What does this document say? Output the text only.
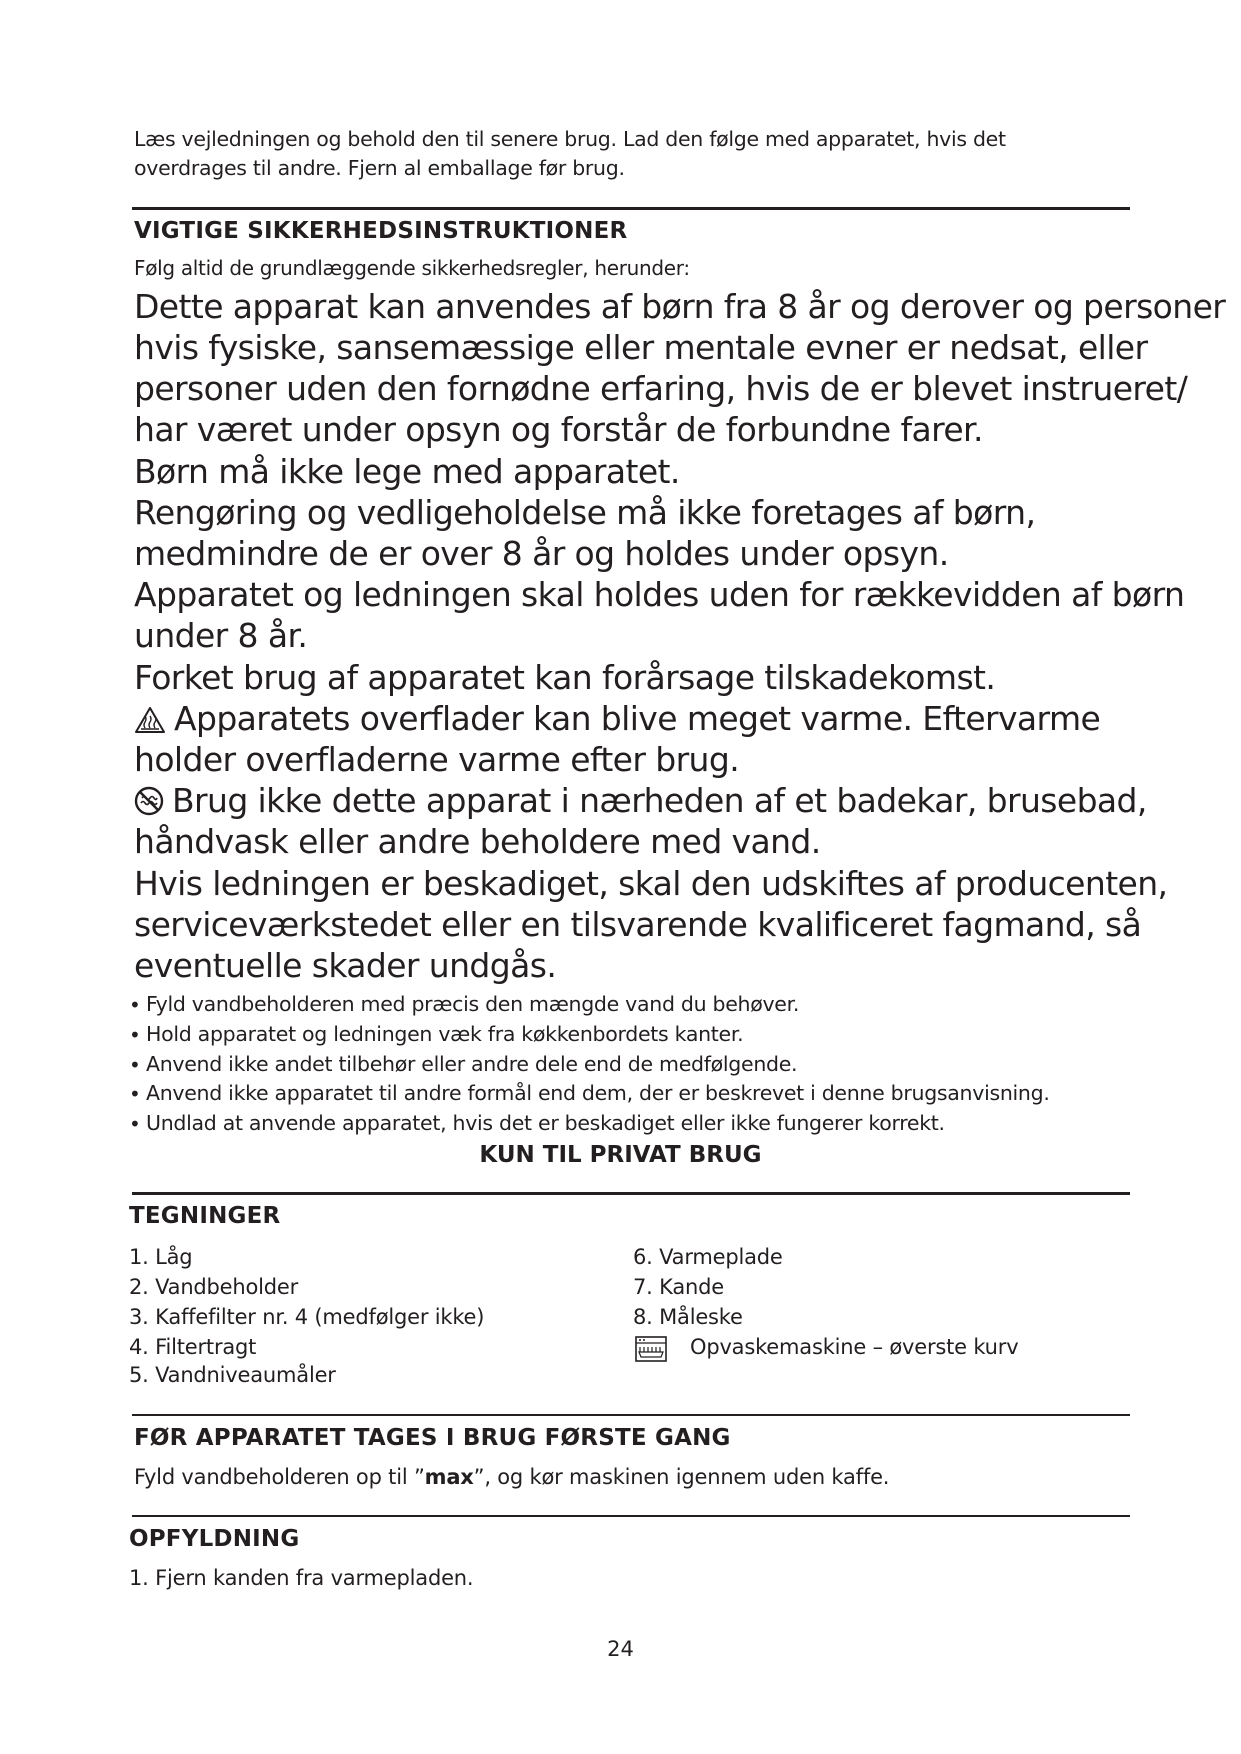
Læs vejledningen og behold den til senere brug. Lad den følge med apparatet, hvis det
overdrages til andre. Fjern al emballage før brug.
VIGTIGE SIKKERHEDSINSTRUKTIONER
Følg altid de grundlæggende sikkerhedsregler, herunder:
Dette apparat kan anvendes af børn fra 8 år og derover og personer
hvis fysiske, sansemæssige eller mentale evner er nedsat, eller
personer uden den fornødne erfaring, hvis de er blevet instrueret/
har været under opsyn og forstår de forbundne farer.
Børn må ikke lege med apparatet.
Rengøring og vedligeholdelse må ikke foretages af børn,
medmindre de er over 8 år og holdes under opsyn.
Apparatet og ledningen skal holdes uden for rækkevidden af børn
under 8 år.
Forket brug af apparatet kan forårsage tilskadekomst.
Apparatets overflader kan blive meget varme. Eftervarme
holder overfladerne varme efter brug.
Brug ikke dette apparat i nærheden af et badekar, brusebad,
håndvask eller andre beholdere med vand.
Hvis ledningen er beskadiget, skal den udskiftes af producenten,
serviceværkstedet eller en tilsvarende kvalificeret fagmand, så
eventuelle skader undgås.
• Fyld vandbeholderen med præcis den mængde vand du behøver.
• Hold apparatet og ledningen væk fra køkkenbordets kanter.
• Anvend ikke andet tilbehør eller andre dele end de medfølgende.
• Anvend ikke apparatet til andre formål end dem, der er beskrevet i denne brugsanvisning.
• Undlad at anvende apparatet, hvis det er beskadiget eller ikke fungerer korrekt.
KUN TIL PRIVAT BRUG
TEGNINGER
1. Låg
2. Vandbeholder
3. Kaffefilter nr. 4 (medfølger ikke)
4. Filtertragt
5. Vandniveaumåler
6. Varmeplade
7. Kande
8. Måleske
Opvaskemaskine – øverste kurv
FØR APPARATET TAGES I BRUG FØRSTE GANG
Fyld vandbeholderen op til ”max”, og kør maskinen igennem uden kaffe.
OPFYLDNING
1. Fjern kanden fra varmepladen.
24
